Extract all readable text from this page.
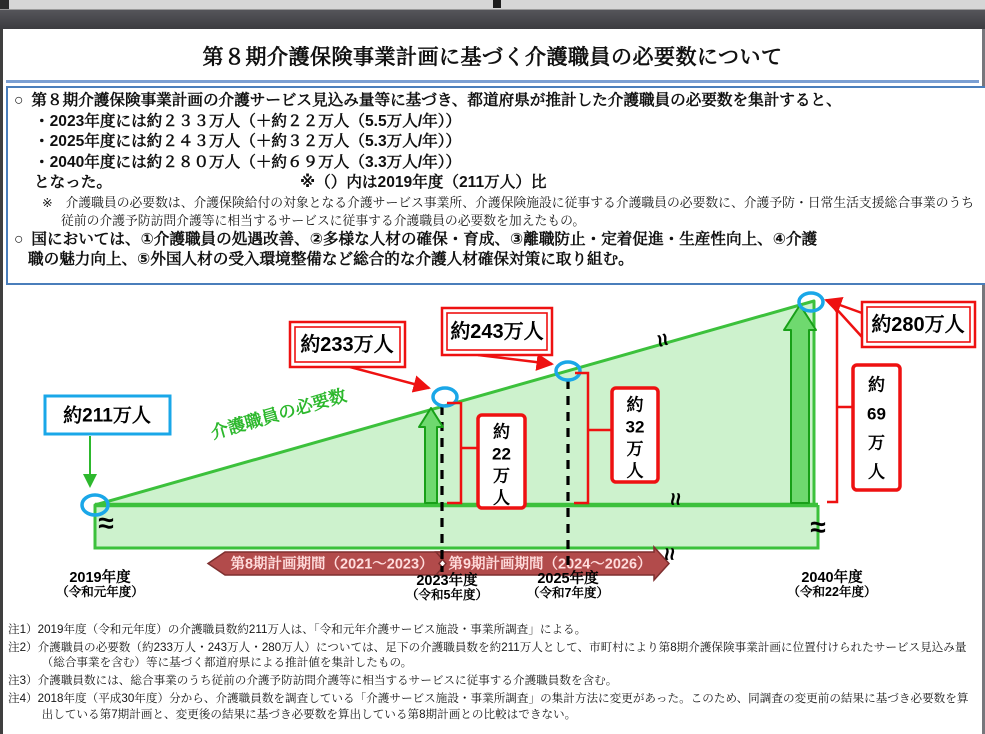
第８期介護保険事業計画に基づく介護職員の必要数について
○ 第８期介護保険事業計画の介護サービス見込み量等に基づき、都道府県が推計した介護職員の必要数を集計すると、
・2023年度には約２３３万人（＋約２２万人（5.5万人/年））
・2025年度には約２４３万人（＋約３２万人（5.3万人/年））
・2040年度には約２８０万人（＋約６９万人（3.3万人/年））
となった。	※（）内は2019年度（211万人）比
※　介護職員の必要数は、介護保険給付の対象となる介護サービス事業所、介護保険施設に従事する介護職員の必要数に、介護予防・日常生活支援総合事業のうち
従前の介護予防訪問介護等に相当するサービスに従事する介護職員の必要数を加えたもの。
○ 国においては、①介護職員の処遇改善、②多様な人材の確保・育成、③離職防止・定着促進・生産性向上、④介護
職の魅力向上、⑤外国人材の受入環境整備など総合的な介護人材確保対策に取り組む。
第8期計画期間（2021～2023） 第9期計画期間（2024～2026）
約211万人
約233万人
約243万人	約280万人
約
22
万
人
約
32
万
人
約
69
万
人
≈
≈
≈
≈	≈
介護職員の必要数
2019年度
（令和元年度）
2023年度
（令和5年度）
2025年度
（令和7年度）
2040年度
（令和22年度）
注1）2019年度（令和元年度）の介護職員数約211万人は、「令和元年介護サービス施設・事業所調査」による。
注2）介護職員の必要数（約233万人・243万人・280万人）については、足下の介護職員数を約211万人として、市町村により第8期介護保険事業計画に位置付けられたサービス見込み量（総合事業を含む）等に基づく都道府県による推計値を集計したもの。
注3）介護職員数には、総合事業のうち従前の介護予防訪問介護等に相当するサービスに従事する介護職員数を含む。
注4）2018年度（平成30年度）分から、介護職員数を調査している「介護サービス施設・事業所調査」の集計方法に変更があった。このため、同調査の変更前の結果に基づき必要数を算出している第7期計画と、変更後の結果に基づき必要数を算出している第8期計画との比較はできない。
